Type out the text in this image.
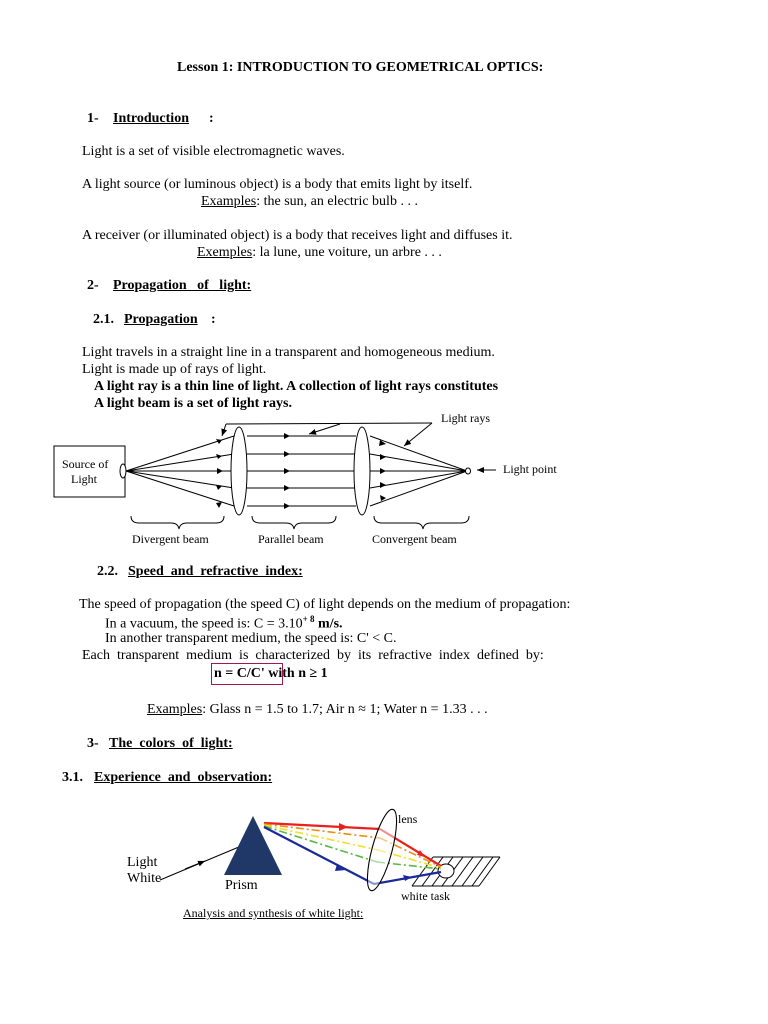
Lesson 1: INTRODUCTION TO GEOMETRICAL OPTICS:
1- Introduction :
Light is a set of visible electromagnetic waves.
A light source (or luminous object) is a body that emits light by itself.
Examples: the sun, an electric bulb . . .
A receiver (or illuminated object) is a body that receives light and diffuses it.
Exemples: la lune, une voiture, un arbre . . .
2- Propagation   of   light:
2.1. Propagation :
Light travels in a straight line in a transparent and homogeneous medium.
Light is made up of rays of light.
A light ray is a thin line of light. A collection of light rays constitutes
A light beam is a set of light rays.
Source of
Light
Light rays
Light point
Divergent beam	Parallel beam	Convergent beam
2.2. Speed  and  refractive  index:
The speed of propagation (the speed C) of light depends on the medium of propagation:
In a vacuum, the speed is: $C = 3.10^{+ 8}$ m/s.
In another transparent medium, the speed is: C' < C.
Each  transparent  medium  is  characterized  by  its  refractive  index  defined  by:
n = C/C' with n ≥ 1
Examples: Glass n = 1.5 to 1.7; Air n ≈ 1; Water n = 1.33 . . .
3- The  colors  of  light:
3.1. Experience  and  observation:
lens
Light
White	Prism
white task
Analysis and synthesis of white light:
